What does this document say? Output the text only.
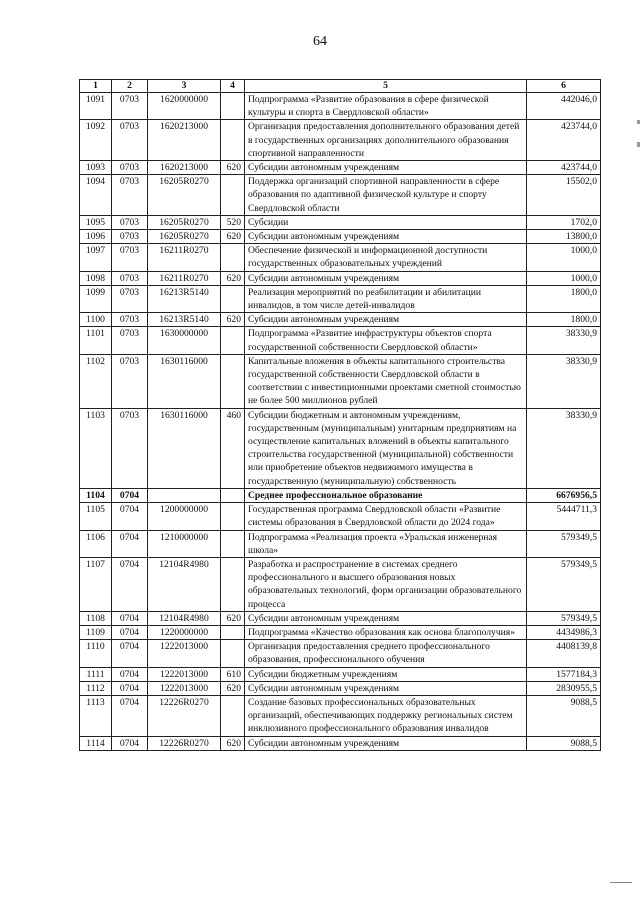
64
1	2	3	4	5	6
1091	0703	1620000000		Подпрограмма «Развитие образования в сфере физической культуры и спорта в Свердловской области»	442046,0
1092	0703	1620213000		Организация предоставления дополнительного образования детей в государственных организациях дополнительного образования спортивной направленности	423744,0
1093	0703	1620213000	620	Субсидии автономным учреждениям	423744,0
1094	0703	16205R0270		Поддержка организаций спортивной направленности в сфере образования по адаптивной физической культуре и спорту Свердловской области	15502,0
1095	0703	16205R0270	520	Субсидии	1702,0
1096	0703	16205R0270	620	Субсидии автономным учреждениям	13800,0
1097	0703	16211R0270		Обеспечение физической и информационной доступности государственных образовательных учреждений	1000,0
1098	0703	16211R0270	620	Субсидии автономным учреждениям	1000,0
1099	0703	16213R5140		Реализация мероприятий по реабилитации и абилитации инвалидов, в том числе детей-инвалидов	1800,0
1100	0703	16213R5140	620	Субсидии автономным учреждениям	1800,0
1101	0703	1630000000		Подпрограмма «Развитие инфраструктуры объектов спорта государственной собственности Свердловской области»	38330,9
1102	0703	1630116000		Капитальные вложения в объекты капитального строительства государственной собственности Свердловской области в соответствии с инвестиционными проектами сметной стоимостью не более 500 миллионов рублей	38330,9
1103	0703	1630116000	460	Субсидии бюджетным и автономным учреждениям, государственным (муниципальным) унитарным предприятиям на осуществление капитальных вложений в объекты капитального строительства государственной (муниципальной) собственности или приобретение объектов недвижимого имущества в государственную (муниципальную) собственность	38330,9
1104	0704			Среднее профессиональное образование	6676956,5
1105	0704	1200000000		Государственная программа Свердловской области «Развитие системы образования в Свердловской области до 2024 года»	5444711,3
1106	0704	1210000000		Подпрограмма «Реализация проекта «Уральская инженерная школа»	579349,5
1107	0704	12104R4980		Разработка и распространение в системах среднего профессионального и высшего образования новых образовательных технологий, форм организации образовательного процесса	579349,5
1108	0704	12104R4980	620	Субсидии автономным учреждениям	579349,5
1109	0704	1220000000		Подпрограмма «Качество образования как основа благополучия»	4434986,3
1110	0704	1222013000		Организация предоставления среднего профессионального образования, профессионального обучения	4408139,8
1111	0704	1222013000	610	Субсидии бюджетным учреждениям	1577184,3
1112	0704	1222013000	620	Субсидии автономным учреждениям	2830955,5
1113	0704	12226R0270		Создание базовых профессиональных образовательных организаций, обеспечивающих поддержку региональных систем инклюзивного профессионального образования инвалидов	9088,5
1114	0704	12226R0270	620	Субсидии автономным учреждениям	9088,5
